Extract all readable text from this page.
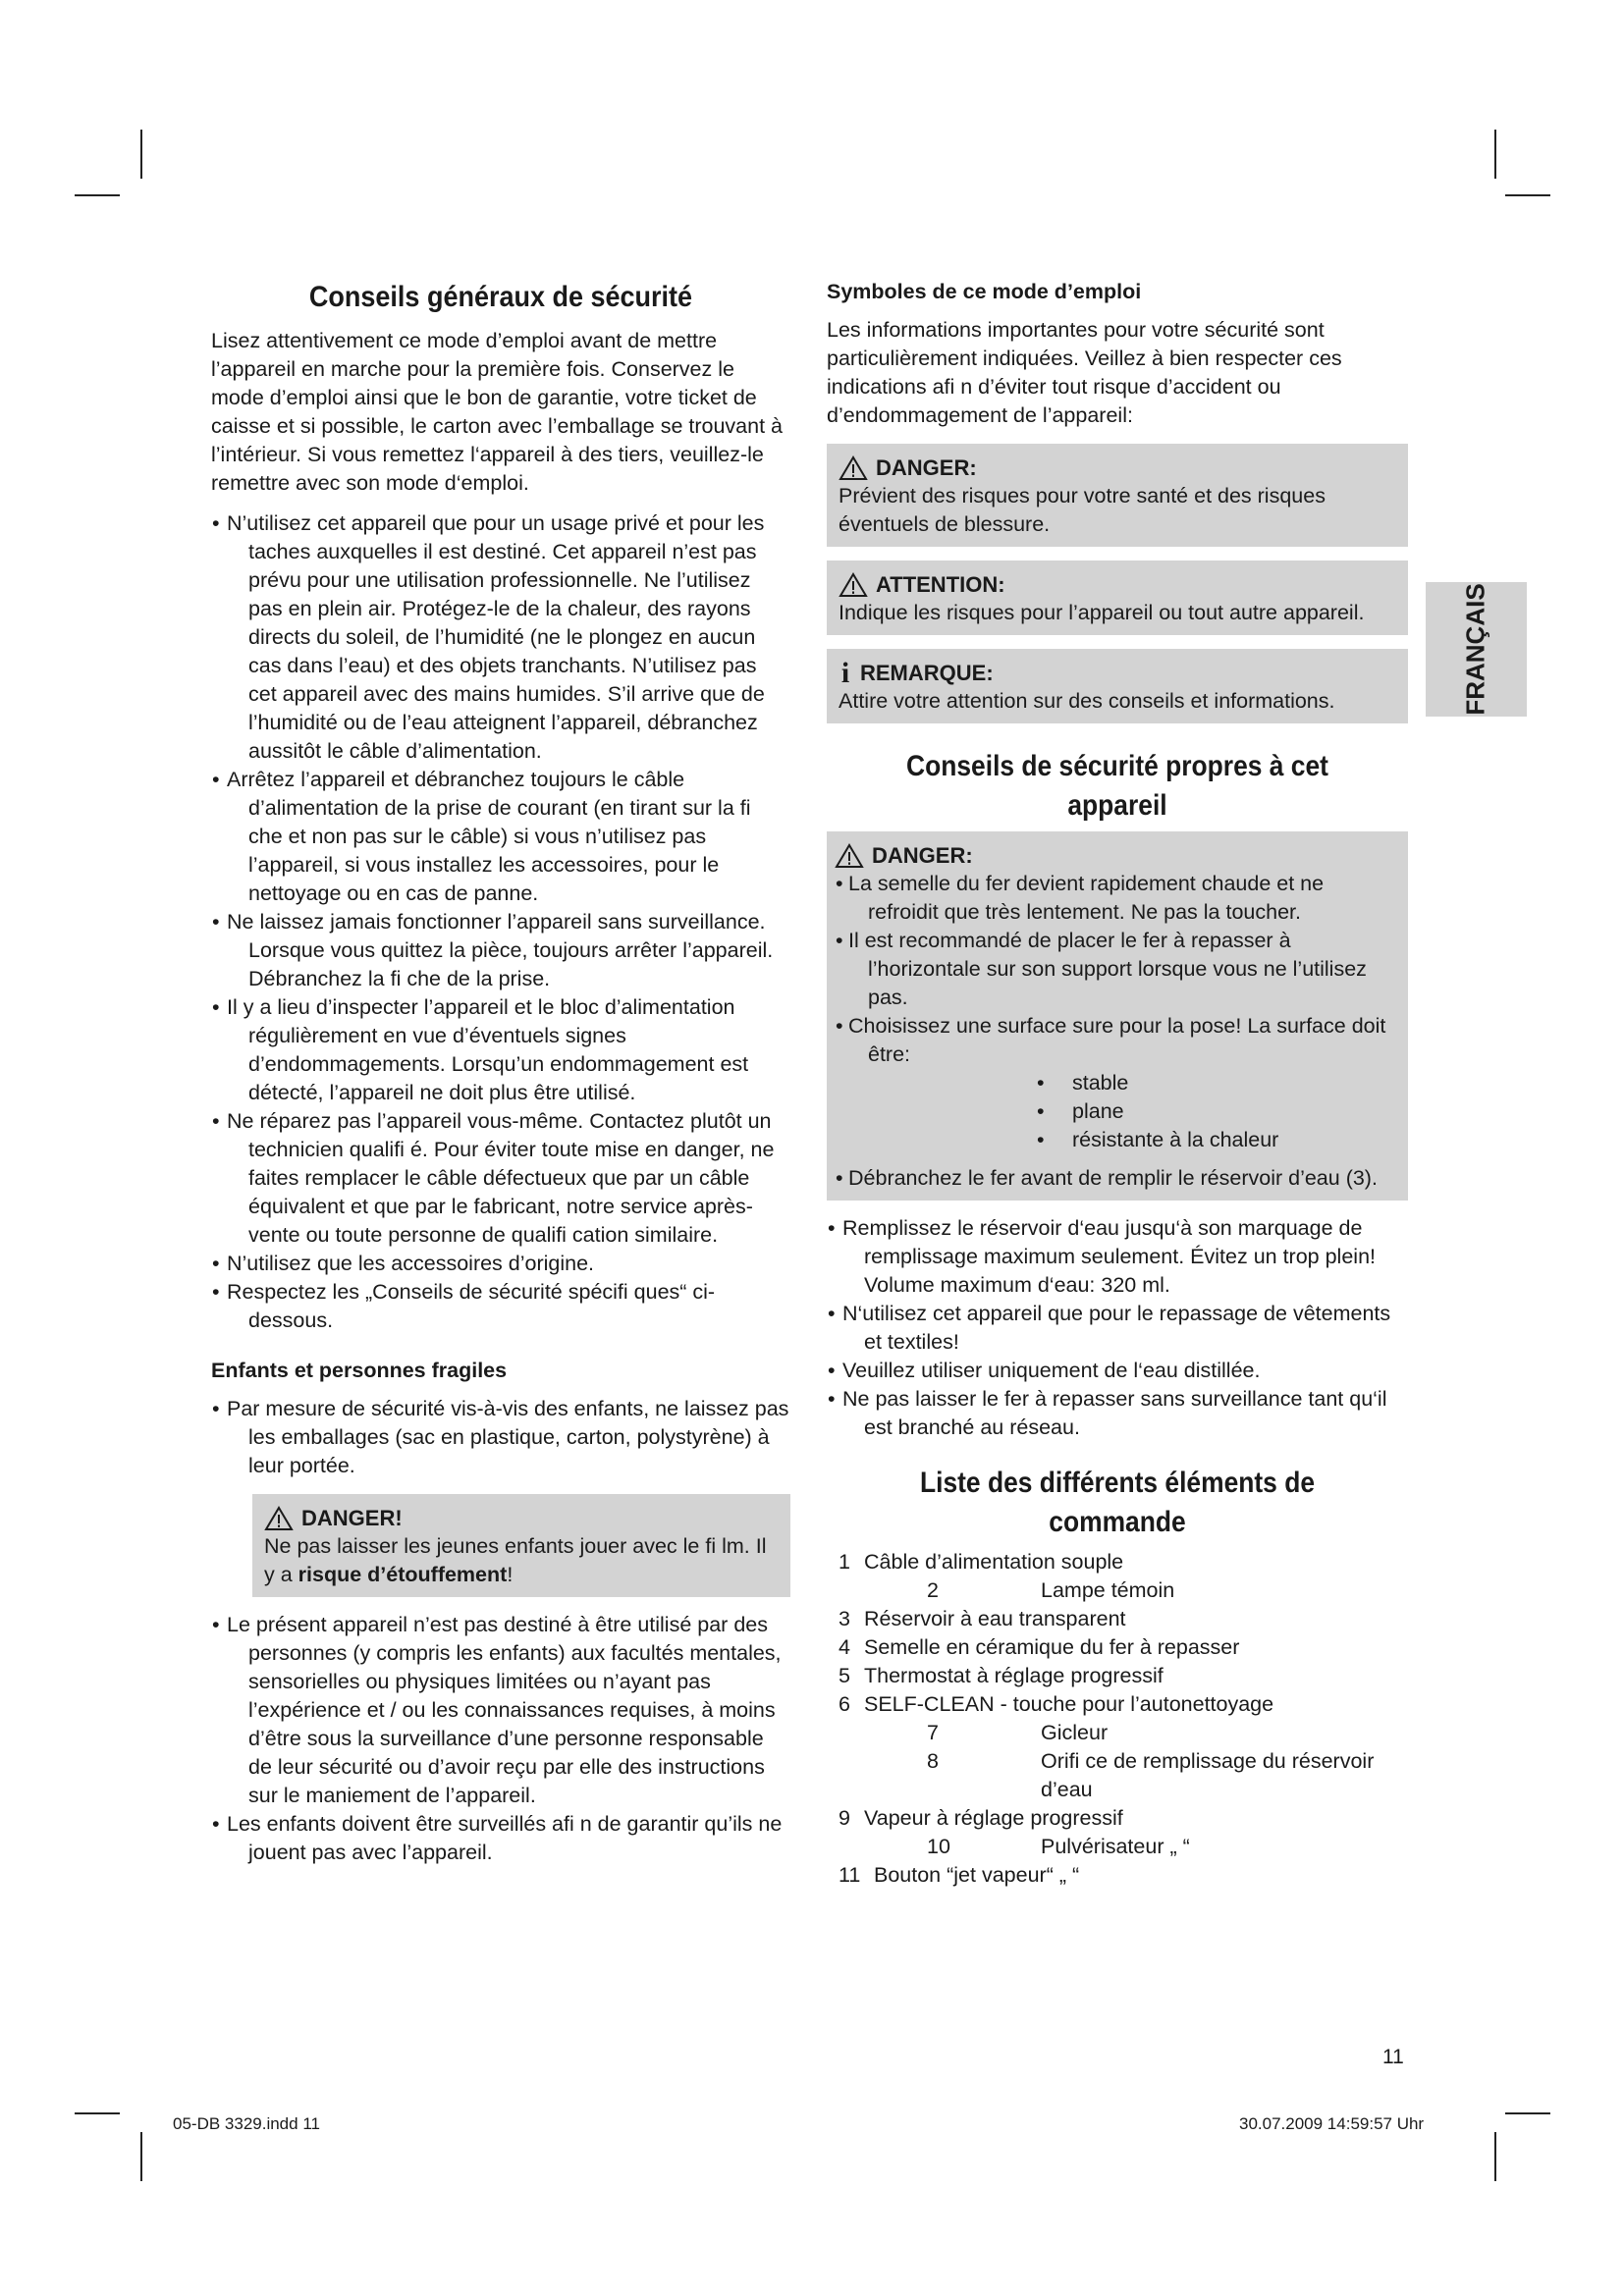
Conseils généraux de sécurité

Lisez attentivement ce mode d’emploi avant de mettre l’appareil en marche pour la première fois. Conservez le mode d’emploi ainsi que le bon de garantie, votre ticket de caisse et si possible, le carton avec l’emballage se trouvant à l’intérieur. Si vous remettez l‘appareil à des tiers, veuillez-le remettre avec son mode d‘emploi.

• N’utilisez cet appareil que pour un usage privé et pour les taches auxquelles il est destiné. Cet appareil n’est pas prévu pour une utilisation professionnelle. Ne l’utilisez pas en plein air. Protégez-le de la chaleur, des rayons directs du soleil, de l’humidité (ne le plongez en aucun cas dans l’eau) et des objets tranchants. N’utilisez pas cet appareil avec des mains humides. S’il arrive que de l’humidité ou de l’eau atteignent l’appareil, débranchez aussitôt le câble d’alimentation.
• Arrêtez l’appareil et débranchez toujours le câble d’alimentation de la prise de courant (en tirant sur la fi che et non pas sur le câble) si vous n’utilisez pas l’appareil, si vous installez les accessoires, pour le nettoyage ou en cas de panne.
• Ne laissez jamais fonctionner l’appareil sans surveillance. Lorsque vous quittez la pièce, toujours arrêter l’appareil. Débranchez la fi che de la prise.
• Il y a lieu d’inspecter l’appareil et le bloc d’alimentation régulièrement en vue d’éventuels signes d’endommagements. Lorsqu’un endommagement est détecté, l’appareil ne doit plus être utilisé.
• Ne réparez pas l’appareil vous-même. Contactez plutôt un technicien qualifi é. Pour éviter toute mise en danger, ne faites remplacer le câble défectueux que par un câble équivalent et que par le fabricant, notre service après-vente ou toute personne de qualifi cation similaire.
• N’utilisez que les accessoires d’origine.
• Respectez les „Conseils de sécurité spécifi ques“ ci-dessous.
Enfants et personnes fragiles
• Par mesure de sécurité vis-à-vis des enfants, ne laissez pas les emballages (sac en plastique, carton, polystyrène) à leur portée.
DANGER!
Ne pas laisser les jeunes enfants jouer avec le fi lm. Il y a risque d’étouffement!
• Le présent appareil n’est pas destiné à être utilisé par des personnes (y compris les enfants) aux facultés mentales, sensorielles ou physiques limitées ou n’ayant pas l’expérience et / ou les connaissances requises, à moins d’être sous la surveillance d’une personne responsable de leur sécurité ou d’avoir reçu par elle des instructions sur le maniement de l’appareil.
• Les enfants doivent être surveillés afi n de garantir qu’ils ne jouent pas avec l’appareil.
Symboles de ce mode d’emploi

Les informations importantes pour votre sécurité sont particulièrement indiquées. Veillez à bien respecter ces indications afi n d’éviter tout risque d’accident ou d’endommagement de l’appareil:

DANGER:
Prévient des risques pour votre santé et des risques éventuels de blessure.
ATTENTION:
Indique les risques pour l’appareil ou tout autre appareil.
i REMARQUE:
Attire votre attention sur des conseils et informations.
Conseils de sécurité propres à cet appareil
DANGER:
• La semelle du fer devient rapidement chaude et ne refroidit que très lentement. Ne pas la toucher.
• Il est recommandé de placer le fer à repasser à l’horizontale sur son support lorsque vous ne l’utilisez pas.
• Choisissez une surface sure pour la pose! La surface doit être:
• stable
• plane
• résistante à la chaleur
• Débranchez le fer avant de remplir le réservoir d’eau (3).
• Remplissez le réservoir d‘eau jusqu‘à son marquage de remplissage maximum seulement. Évitez un trop plein! Volume maximum d‘eau: 320 ml.
• N‘utilisez cet appareil que pour le repassage de vêtements et textiles!
• Veuillez utiliser uniquement de l‘eau distillée.
• Ne pas laisser le fer à repasser sans surveillance tant qu‘il est branché au réseau.
Liste des différents éléments de commande
1 Câble d’alimentation souple
2	Lampe témoin
3 Réservoir à eau transparent
4 Semelle en céramique du fer à repasser
5 Thermostat à réglage progressif
6 SELF-CLEAN - touche pour l’autonettoyage
7	Gicleur
8	Orifi ce de remplissage du réservoir d’eau
9 Vapeur à réglage progressif
10	Pulvérisateur „ “
11 Bouton “jet vapeur“ „ “
FRANÇAIS
11
05-DB 3329.indd 11	30.07.2009 14:59:57 Uhr
